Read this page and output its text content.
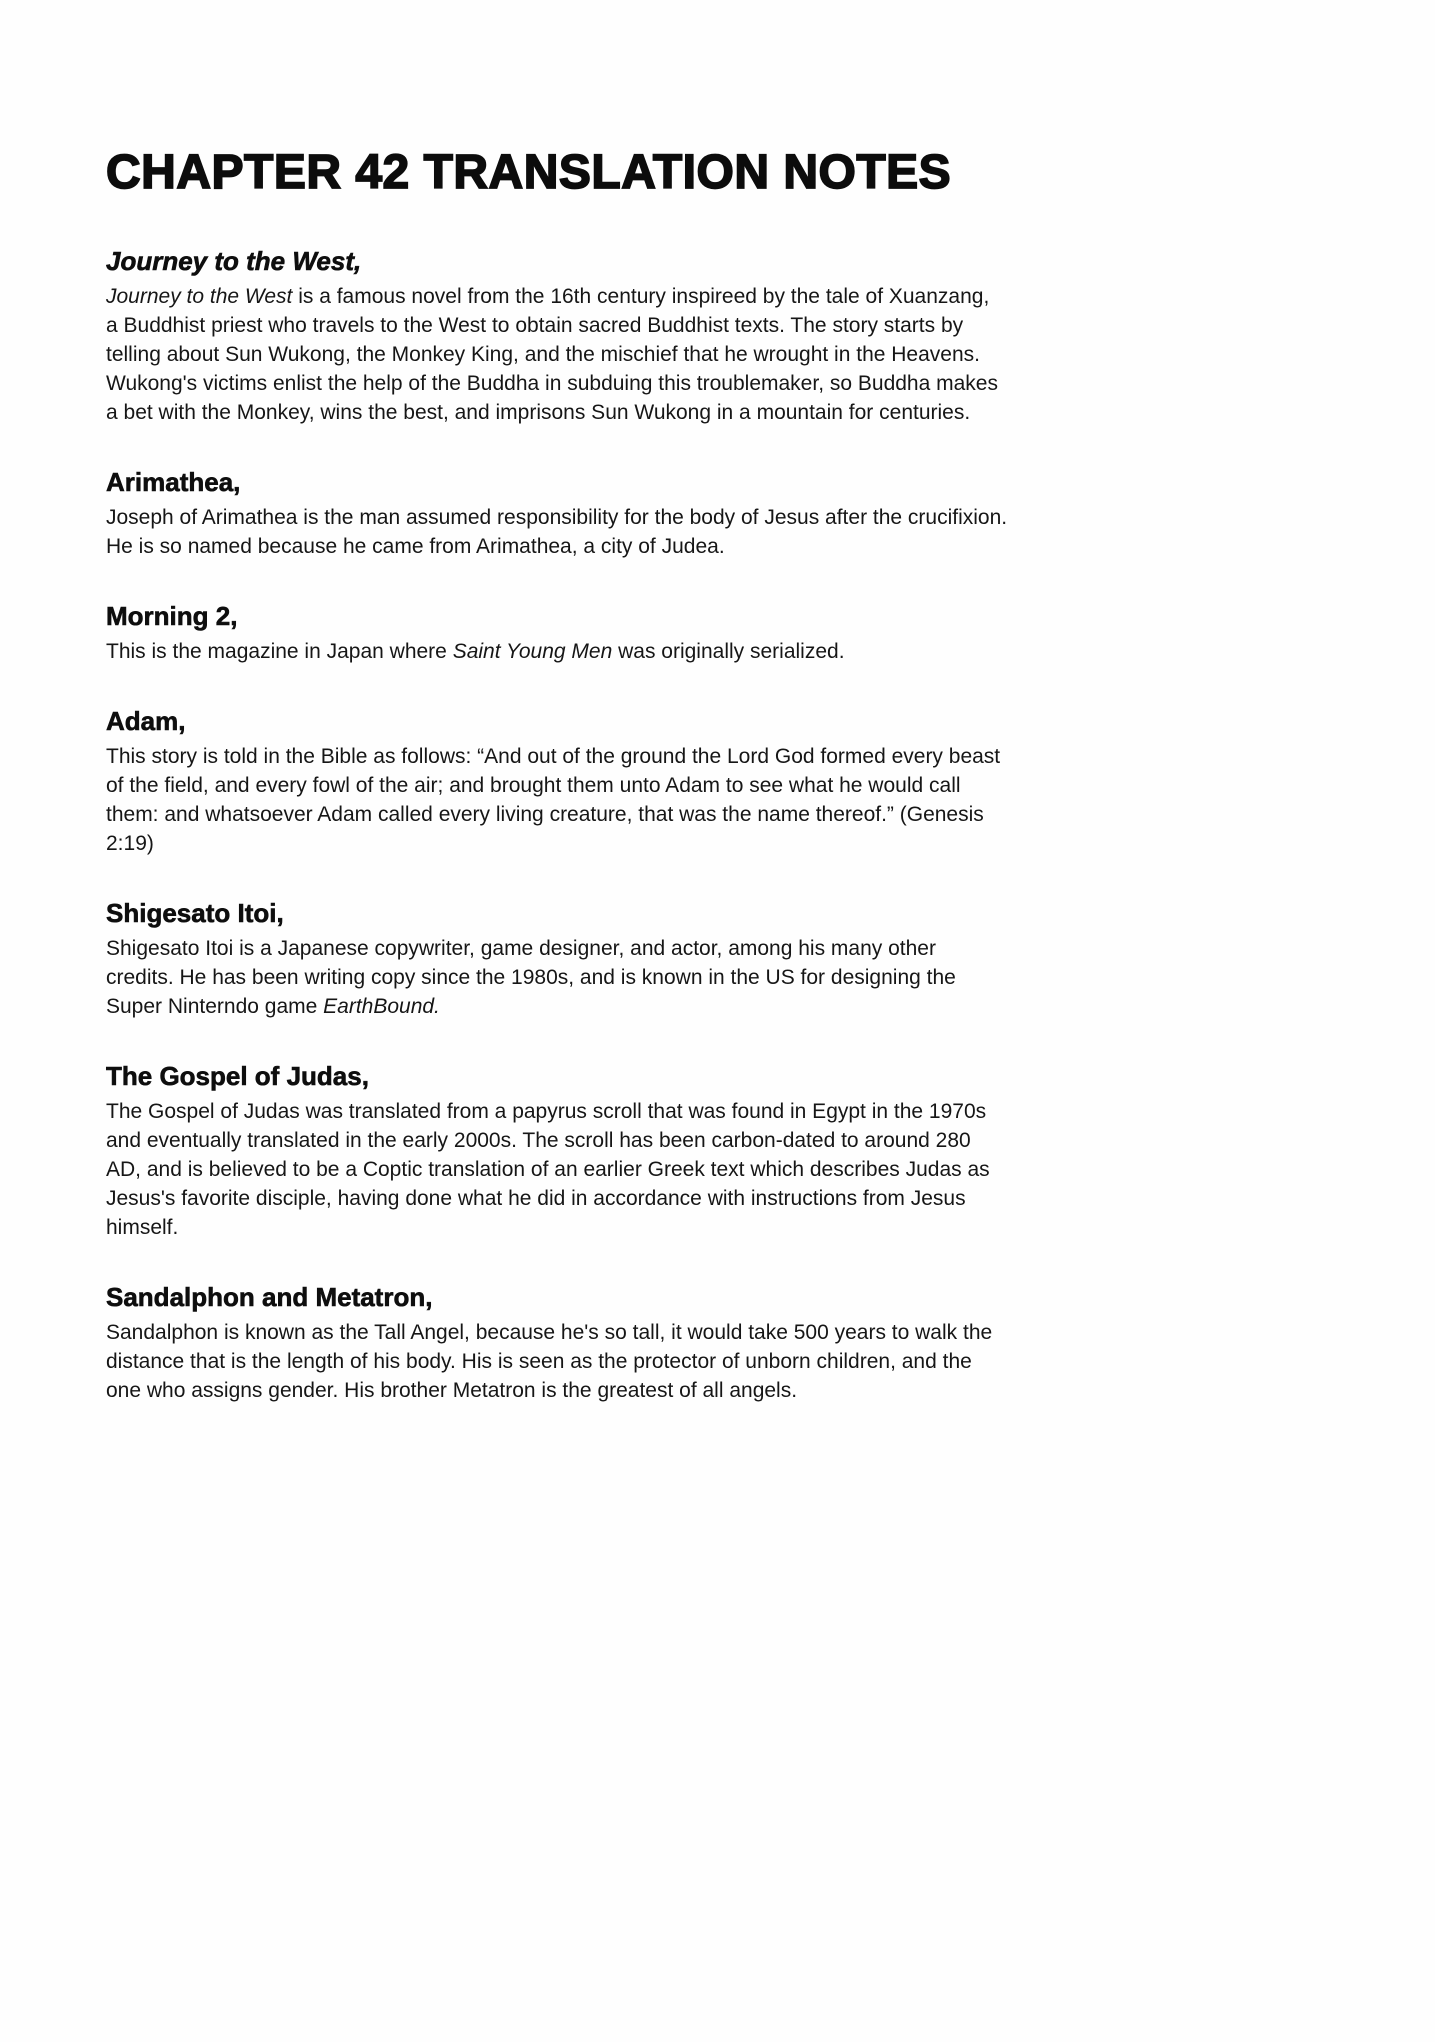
CHAPTER 42 TRANSLATION NOTES
Journey to the West,
Journey to the West is a famous novel from the 16th century inspireed by the tale of Xuanzang,
a Buddhist priest who travels to the West to obtain sacred Buddhist texts. The story starts by
telling about Sun Wukong, the Monkey King, and the mischief that he wrought in the Heavens.
Wukong's victims enlist the help of the Buddha in subduing this troublemaker, so Buddha makes
a bet with the Monkey, wins the best, and imprisons Sun Wukong in a mountain for centuries.
Arimathea,
Joseph of Arimathea is the man assumed responsibility for the body of Jesus after the crucifixion.
He is so named because he came from Arimathea, a city of Judea.
Morning 2,
This is the magazine in Japan where Saint Young Men was originally serialized.
Adam,
This story is told in the Bible as follows: “And out of the ground the Lord God formed every beast
of the field, and every fowl of the air; and brought them unto Adam to see what he would call
them: and whatsoever Adam called every living creature, that was the name thereof.” (Genesis
2:19)
Shigesato Itoi,
Shigesato Itoi is a Japanese copywriter, game designer, and actor, among his many other
credits. He has been writing copy since the 1980s, and is known in the US for designing the
Super Ninterndo game EarthBound.
The Gospel of Judas,
The Gospel of Judas was translated from a papyrus scroll that was found in Egypt in the 1970s
and eventually translated in the early 2000s. The scroll has been carbon-dated to around 280
AD, and is believed to be a Coptic translation of an earlier Greek text which describes Judas as
Jesus's favorite disciple, having done what he did in accordance with instructions from Jesus
himself.
Sandalphon and Metatron,
Sandalphon is known as the Tall Angel, because he's so tall, it would take 500 years to walk the
distance that is the length of his body. His is seen as the protector of unborn children, and the
one who assigns gender. His brother Metatron is the greatest of all angels.
